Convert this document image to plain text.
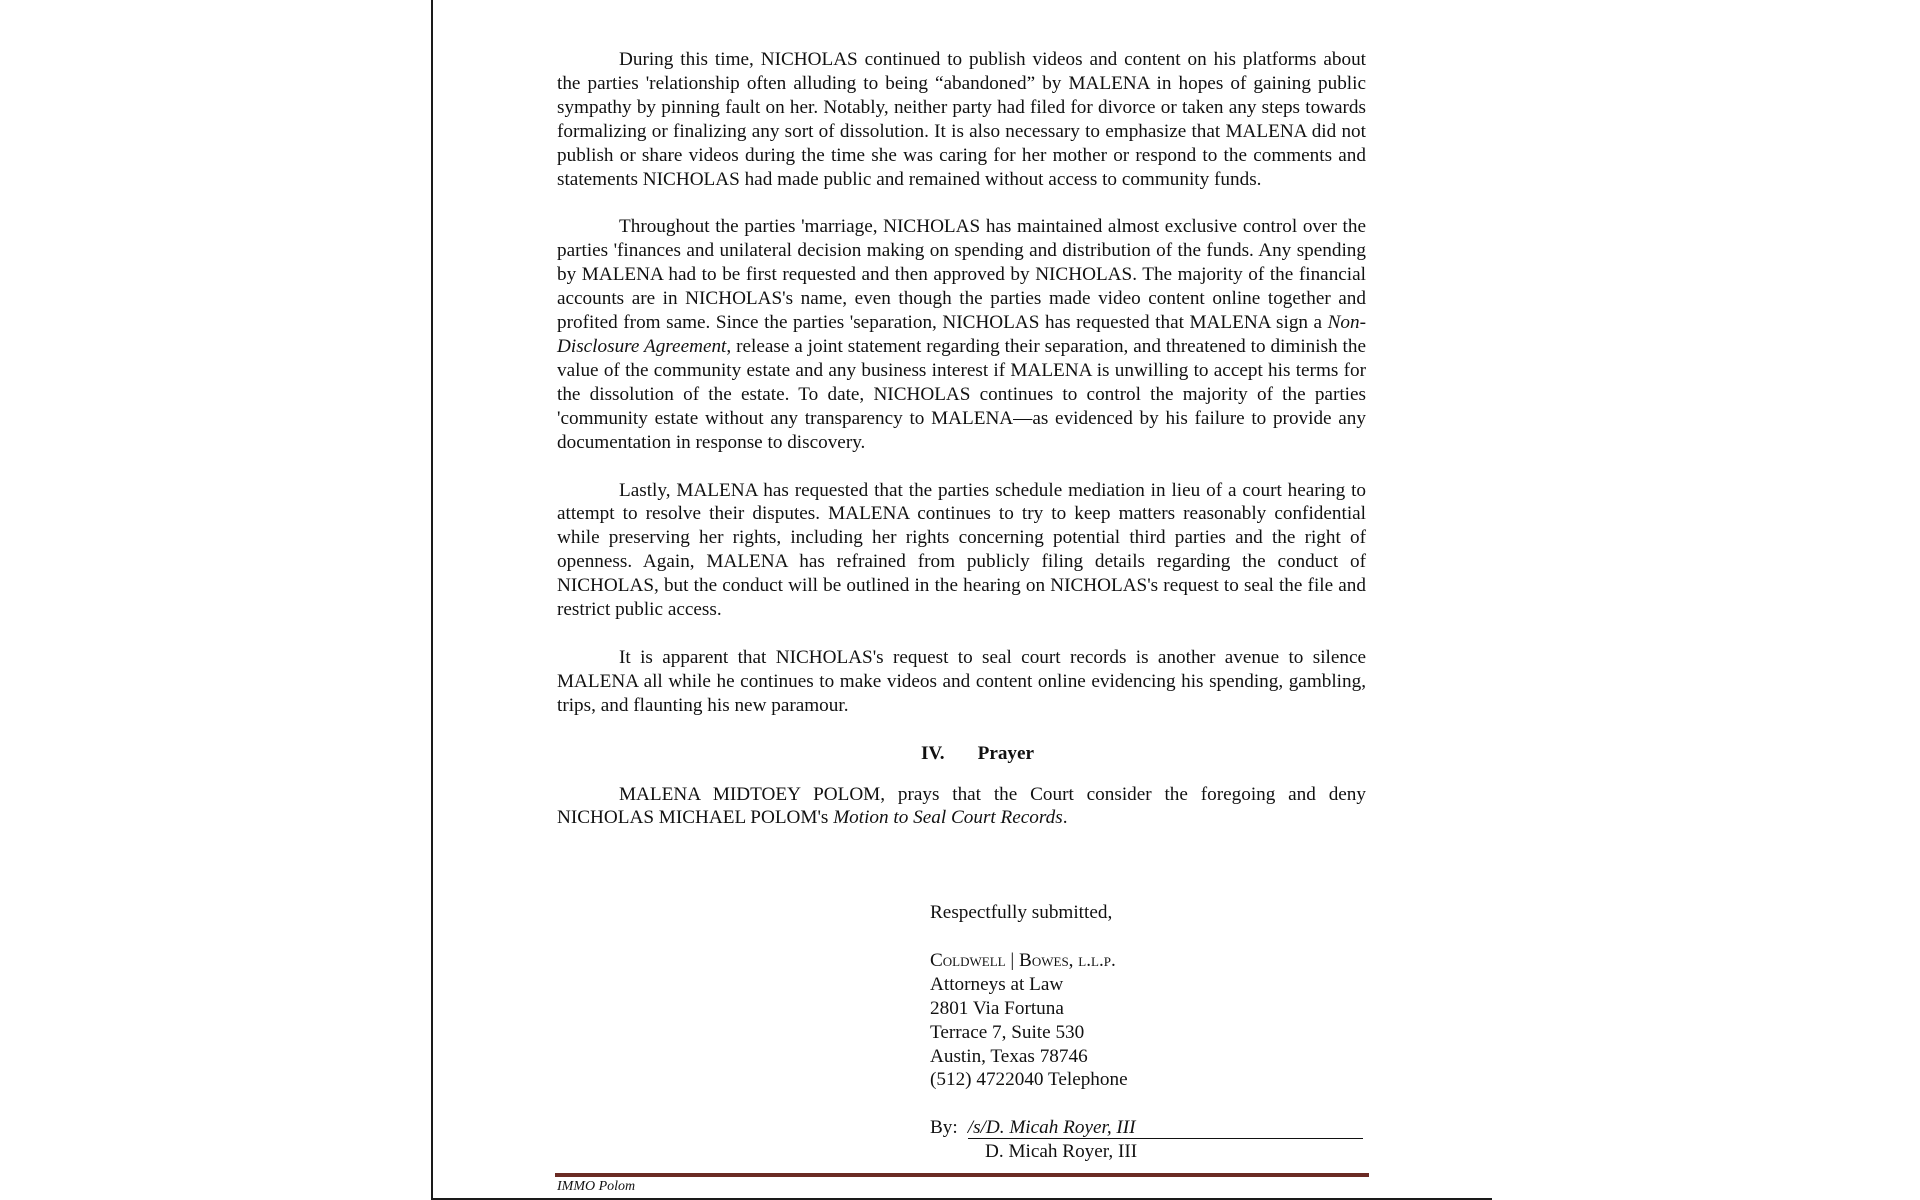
During this time, NICHOLAS continued to publish videos and content on his platforms about the parties 'relationship often alluding to being “abandoned” by MALENA in hopes of gaining public sympathy by pinning fault on her. Notably, neither party had filed for divorce or taken any steps towards formalizing or finalizing any sort of dissolution. It is also necessary to emphasize that MALENA did not publish or share videos during the time she was caring for her mother or respond to the comments and statements NICHOLAS had made public and remained without access to community funds.

Throughout the parties 'marriage, NICHOLAS has maintained almost exclusive control over the parties 'finances and unilateral decision making on spending and distribution of the funds. Any spending by MALENA had to be first requested and then approved by NICHOLAS. The majority of the financial accounts are in NICHOLAS's name, even though the parties made video content online together and profited from same. Since the parties 'separation, NICHOLAS has requested that MALENA sign a Non-Disclosure Agreement, release a joint statement regarding their separation, and threatened to diminish the value of the community estate and any business interest if MALENA is unwilling to accept his terms for the dissolution of the estate. To date, NICHOLAS continues to control the majority of the parties 'community estate without any transparency to MALENA—as evidenced by his failure to provide any documentation in response to discovery.

Lastly, MALENA has requested that the parties schedule mediation in lieu of a court hearing to attempt to resolve their disputes. MALENA continues to try to keep matters reasonably confidential while preserving her rights, including her rights concerning potential third parties and the right of openness. Again, MALENA has refrained from publicly filing details regarding the conduct of NICHOLAS, but the conduct will be outlined in the hearing on NICHOLAS's request to seal the file and restrict public access.

It is apparent that NICHOLAS's request to seal court records is another avenue to silence MALENA all while he continues to make videos and content online evidencing his spending, gambling, trips, and flaunting his new paramour.

IV. Prayer

MALENA MIDTOEY POLOM, prays that the Court consider the foregoing and deny NICHOLAS MICHAEL POLOM's Motion to Seal Court Records.

Respectfully submitted,

Coldwell | Bowes, l.l.p.

Attorneys at Law

2801 Via Fortuna

Terrace 7, Suite 530

Austin, Texas 78746

(512) 4722040 Telephone

By: /s/D. Micah Royer, III

D. Micah Royer, III

IMMO Polom
